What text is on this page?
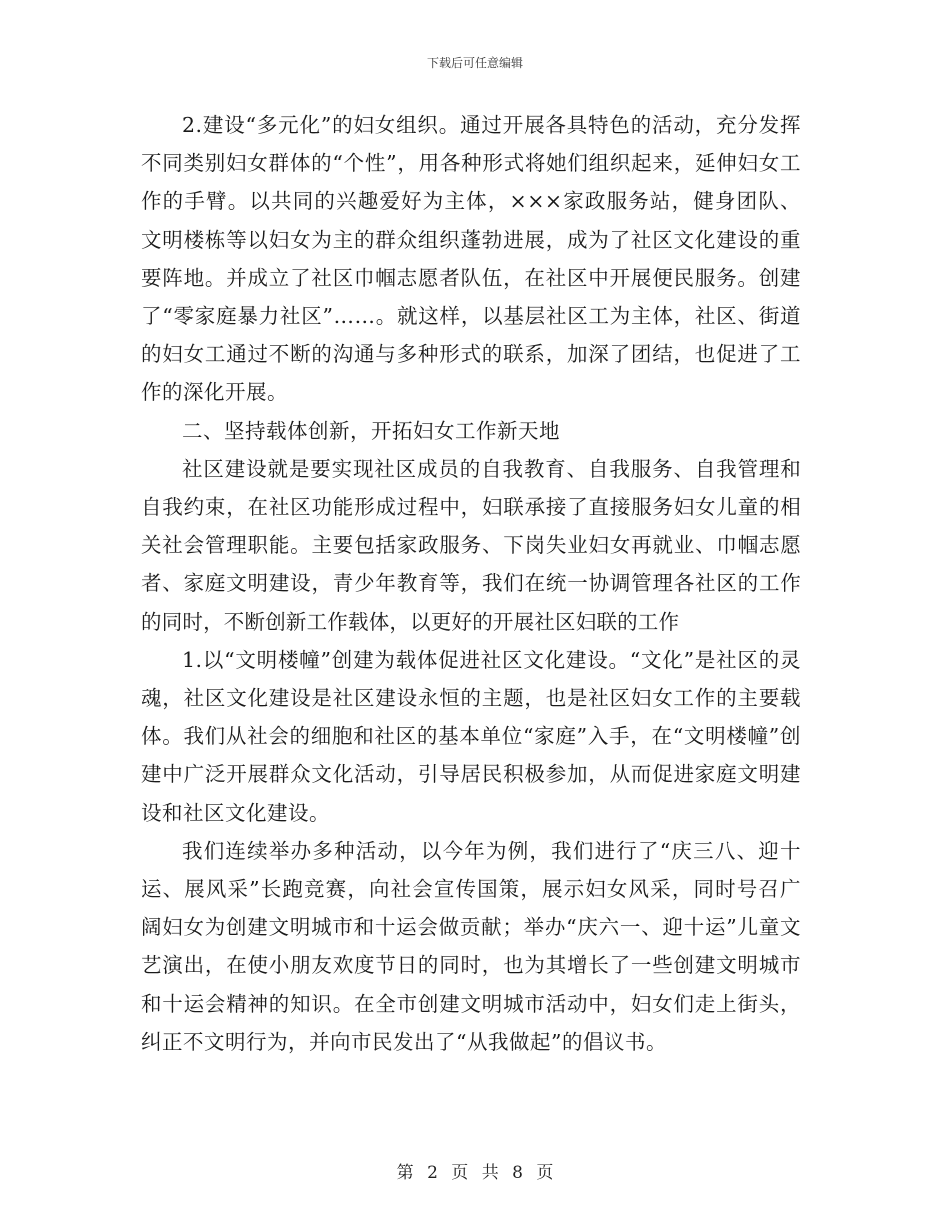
下载后可任意编辑

2.建设“多元化”的妇女组织。通过开展各具特色的活动，充分发挥不同类别妇女群体的“个性”，用各种形式将她们组织起来，延伸妇女工作的手臂。以共同的兴趣爱好为主体，×××家政服务站，健身团队、文明楼栋等以妇女为主的群众组织蓬勃进展，成为了社区文化建设的重要阵地。并成立了社区巾帼志愿者队伍，在社区中开展便民服务。创建了“零家庭暴力社区”……。就这样，以基层社区工为主体，社区、街道的妇女工通过不断的沟通与多种形式的联系，加深了团结，也促进了工作的深化开展。

二、坚持载体创新，开拓妇女工作新天地

社区建设就是要实现社区成员的自我教育、自我服务、自我管理和自我约束，在社区功能形成过程中，妇联承接了直接服务妇女儿童的相关社会管理职能。主要包括家政服务、下岗失业妇女再就业、巾帼志愿者、家庭文明建设，青少年教育等，我们在统一协调管理各社区的工作的同时，不断创新工作载体，以更好的开展社区妇联的工作

1.以“文明楼幢”创建为载体促进社区文化建设。“文化”是社区的灵魂，社区文化建设是社区建设永恒的主题，也是社区妇女工作的主要载体。我们从社会的细胞和社区的基本单位“家庭”入手，在“文明楼幢”创建中广泛开展群众文化活动，引导居民积极参加，从而促进家庭文明建设和社区文化建设。

我们连续举办多种活动，以今年为例，我们进行了“庆三八、迎十运、展风采”长跑竞赛，向社会宣传国策，展示妇女风采，同时号召广阔妇女为创建文明城市和十运会做贡献；举办“庆六一、迎十运”儿童文艺演出，在使小朋友欢度节日的同时，也为其增长了一些创建文明城市和十运会精神的知识。在全市创建文明城市活动中，妇女们走上街头，纠正不文明行为，并向市民发出了“从我做起”的倡议书。

第 2 页 共 8 页
